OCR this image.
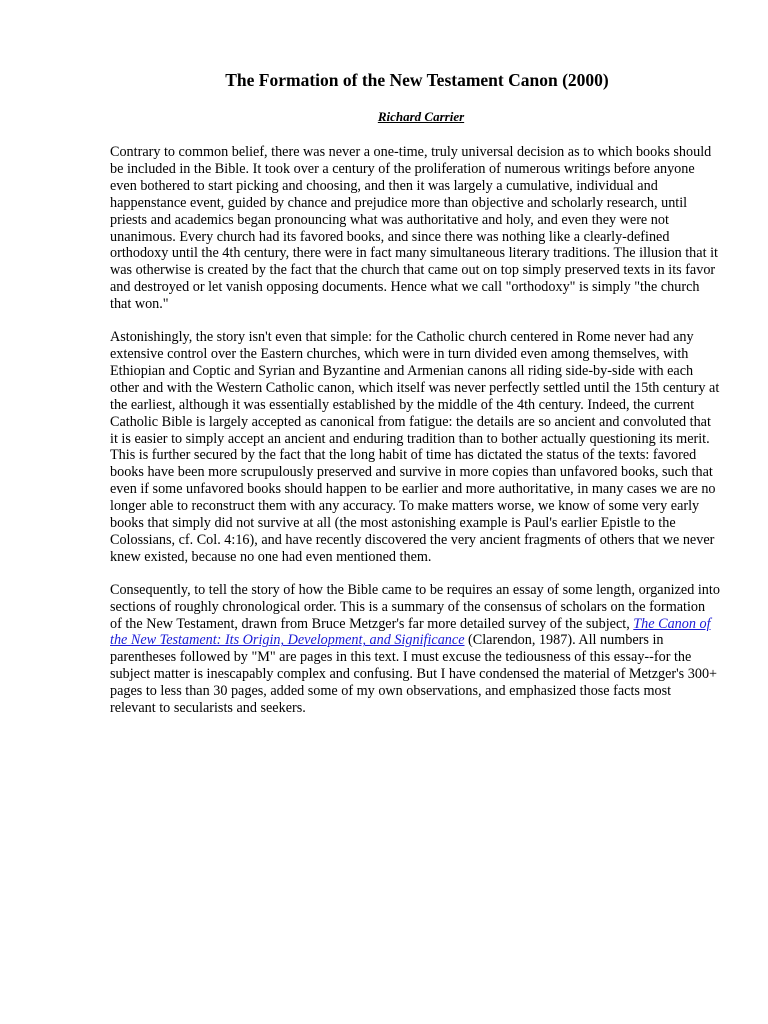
The Formation of the New Testament Canon (2000)
Richard Carrier

Contrary to common belief, there was never a one-time, truly universal decision as to which books should be included in the Bible. It took over a century of the proliferation of numerous writings before anyone even bothered to start picking and choosing, and then it was largely a cumulative, individual and happenstance event, guided by chance and prejudice more than objective and scholarly research, until priests and academics began pronouncing what was authoritative and holy, and even they were not unanimous. Every church had its favored books, and since there was nothing like a clearly-defined orthodoxy until the 4th century, there were in fact many simultaneous literary traditions. The illusion that it was otherwise is created by the fact that the church that came out on top simply preserved texts in its favor and destroyed or let vanish opposing documents. Hence what we call "orthodoxy" is simply "the church that won."

Astonishingly, the story isn't even that simple: for the Catholic church centered in Rome never had any extensive control over the Eastern churches, which were in turn divided even among themselves, with Ethiopian and Coptic and Syrian and Byzantine and Armenian canons all riding side-by-side with each other and with the Western Catholic canon, which itself was never perfectly settled until the 15th century at the earliest, although it was essentially established by the middle of the 4th century. Indeed, the current Catholic Bible is largely accepted as canonical from fatigue: the details are so ancient and convoluted that it is easier to simply accept an ancient and enduring tradition than to bother actually questioning its merit. This is further secured by the fact that the long habit of time has dictated the status of the texts: favored books have been more scrupulously preserved and survive in more copies than unfavored books, such that even if some unfavored books should happen to be earlier and more authoritative, in many cases we are no longer able to reconstruct them with any accuracy. To make matters worse, we know of some very early books that simply did not survive at all (the most astonishing example is Paul's earlier Epistle to the Colossians, cf. Col. 4:16), and have recently discovered the very ancient fragments of others that we never knew existed, because no one had even mentioned them.

Consequently, to tell the story of how the Bible came to be requires an essay of some length, organized into sections of roughly chronological order. This is a summary of the consensus of scholars on the formation of the New Testament, drawn from Bruce Metzger's far more detailed survey of the subject, The Canon of the New Testament: Its Origin, Development, and Significance (Clarendon, 1987). All numbers in parentheses followed by "M" are pages in this text. I must excuse the tediousness of this essay--for the subject matter is inescapably complex and confusing. But I have condensed the material of Metzger's 300+ pages to less than 30 pages, added some of my own observations, and emphasized those facts most relevant to secularists and seekers.
